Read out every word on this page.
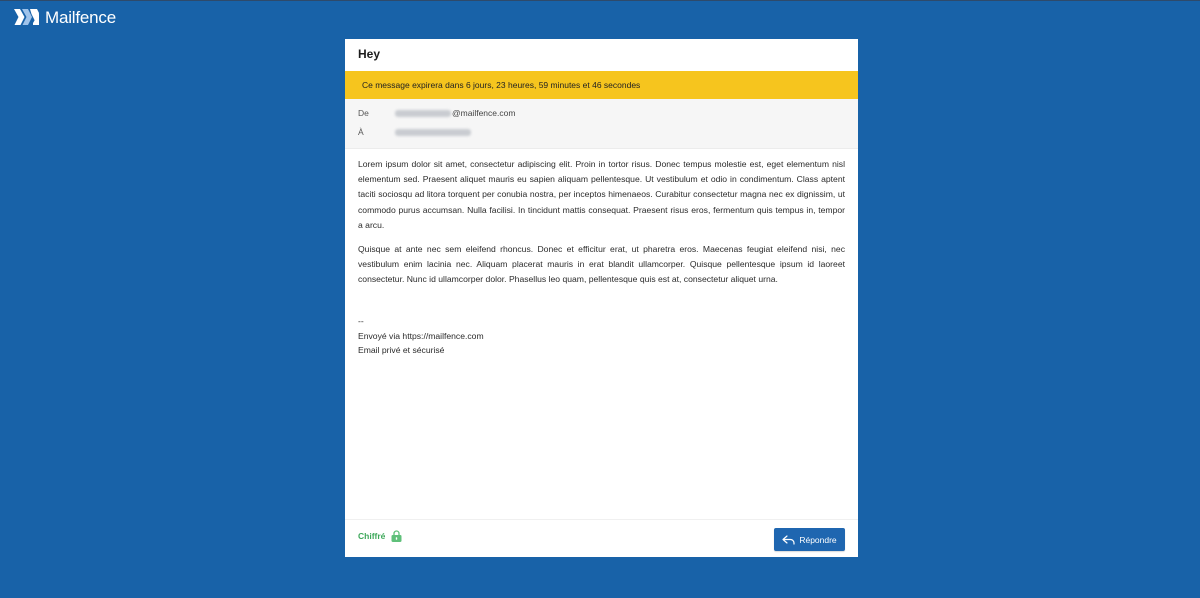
Mailfence
Hey
Ce message expirera dans 6 jours, 23 heures, 59 minutes et 46 secondes
De	@mailfence.com
À

Lorem ipsum dolor sit amet, consectetur adipiscing elit. Proin in tortor risus. Donec tempus molestie est, eget elementum nisl elementum sed. Praesent aliquet mauris eu sapien aliquam pellentesque. Ut vestibulum et odio in condimentum. Class aptent taciti sociosqu ad litora torquent per conubia nostra, per inceptos himenaeos. Curabitur consectetur magna nec ex dignissim, ut commodo purus accumsan. Nulla facilisi. In tincidunt mattis consequat. Praesent risus eros, fermentum quis tempus in, tempor a arcu.

Quisque at ante nec sem eleifend rhoncus. Donec et efficitur erat, ut pharetra eros. Maecenas feugiat eleifend nisi, nec vestibulum enim lacinia nec. Aliquam placerat mauris in erat blandit ullamcorper. Quisque pellentesque ipsum id laoreet consectetur. Nunc id ullamcorper dolor. Phasellus leo quam, pellentesque quis est at, consectetur aliquet urna.

--
Envoyé via https://mailfence.com
Email privé et sécurisé
Chiffré	Répondre
